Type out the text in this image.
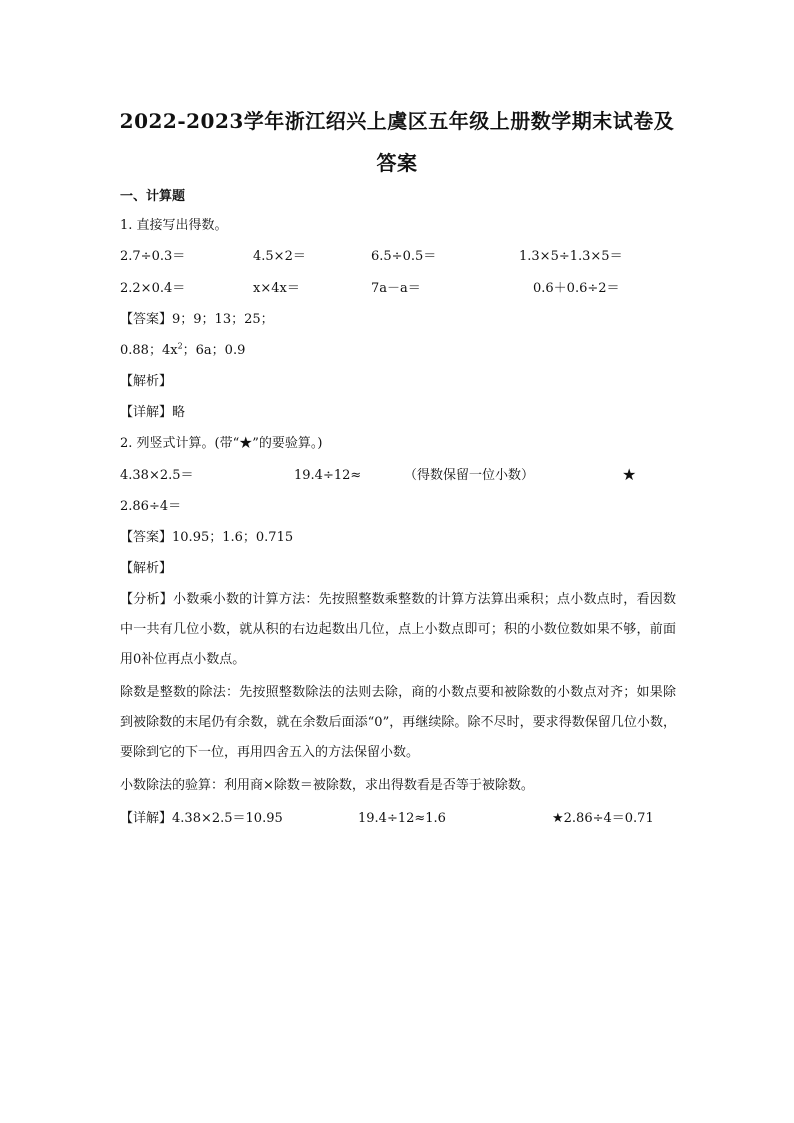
2022-2023学年浙江绍兴上虞区五年级上册数学期末试卷及
答案
一、计算题
1. 直接写出得数。
2.7÷0.3＝	4.5×2＝	6.5÷0.5＝	1.3×5÷1.3×5＝
2.2×0.4＝	x×4x＝	7a－a＝	0.6＋0.6÷2＝
【答案】9；9；13；25；
0.88；$4x^2$；6a；0.9
【解析】
【详解】略
2. 列竖式计算。(带“★”的要验算。)
4.38×2.5＝	19.4÷12≈	（得数保留一位小数）	★
2.86÷4＝
【答案】10.95；1.6；0.715
【解析】
【分析】小数乘小数的计算方法：先按照整数乘整数的计算方法算出乘积；点小数点时，看因数中一共有几位小数，就从积的右边起数出几位，点上小数点即可；积的小数位数如果不够，前面用0补位再点小数点。
除数是整数的除法：先按照整数除法的法则去除，商的小数点要和被除数的小数点对齐；如果除到被除数的末尾仍有余数，就在余数后面添“0”，再继续除。除不尽时，要求得数保留几位小数，要除到它的下一位，再用四舍五入的方法保留小数。
小数除法的验算：利用商×除数＝被除数，求出得数看是否等于被除数。
【详解】4.38×2.5＝10.95	19.4÷12≈1.6	★2.86÷4＝0.71
